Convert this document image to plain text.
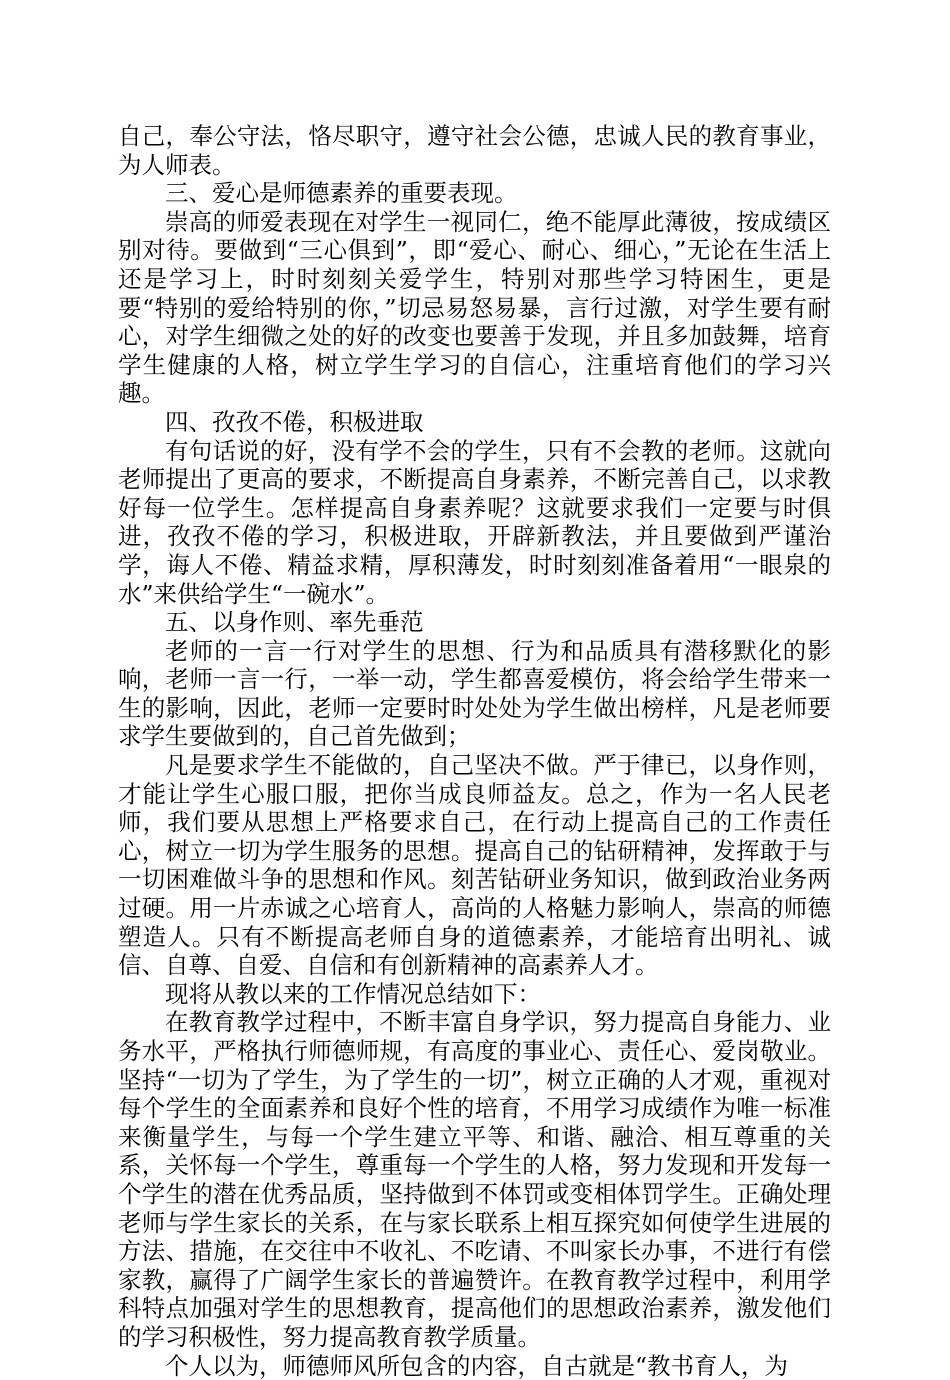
自己，奉公守法，恪尽职守，遵守社会公德，忠诚人民的教育事业，为人师表。

三、爱心是师德素养的重要表现。

崇高的师爱表现在对学生一视同仁，绝不能厚此薄彼，按成绩区别对待。要做到“三心俱到”，即“爱心、耐心、细心，”无论在生活上还是学习上，时时刻刻关爱学生，特别对那些学习特困生，更是要“特别的爱给特别的你，”切忌易怒易暴，言行过激，对学生要有耐心，对学生细微之处的好的改变也要善于发现，并且多加鼓舞，培育学生健康的人格，树立学生学习的自信心，注重培育他们的学习兴趣。

四、孜孜不倦，积极进取

有句话说的好，没有学不会的学生，只有不会教的老师。这就向老师提出了更高的要求，不断提高自身素养，不断完善自己，以求教好每一位学生。怎样提高自身素养呢？这就要求我们一定要与时俱进，孜孜不倦的学习，积极进取，开辟新教法，并且要做到严谨治学，诲人不倦、精益求精，厚积薄发，时时刻刻准备着用“一眼泉的水”来供给学生“一碗水”。

五、以身作则、率先垂范

老师的一言一行对学生的思想、行为和品质具有潜移默化的影响，老师一言一行，一举一动，学生都喜爱模仿，将会给学生带来一生的影响，因此，老师一定要时时处处为学生做出榜样，凡是老师要求学生要做到的，自己首先做到；

凡是要求学生不能做的，自己坚决不做。严于律已，以身作则，才能让学生心服口服，把你当成良师益友。总之，作为一名人民老师，我们要从思想上严格要求自己，在行动上提高自己的工作责任心，树立一切为学生服务的思想。提高自己的钻研精神，发挥敢于与一切困难做斗争的思想和作风。刻苦钻研业务知识，做到政治业务两过硬。用一片赤诚之心培育人，高尚的人格魅力影响人，崇高的师德塑造人。只有不断提高老师自身的道德素养，才能培育出明礼、诚信、自尊、自爱、自信和有创新精神的高素养人才。

现将从教以来的工作情况总结如下：

在教育教学过程中，不断丰富自身学识，努力提高自身能力、业务水平，严格执行师德师规，有高度的事业心、责任心、爱岗敬业。坚持“一切为了学生，为了学生的一切”，树立正确的人才观，重视对每个学生的全面素养和良好个性的培育，不用学习成绩作为唯一标准来衡量学生，与每一个学生建立平等、和谐、融洽、相互尊重的关系，关怀每一个学生，尊重每一个学生的人格，努力发现和开发每一个学生的潜在优秀品质，坚持做到不体罚或变相体罚学生。正确处理老师与学生家长的关系，在与家长联系上相互探究如何使学生进展的方法、措施，在交往中不收礼、不吃请、不叫家长办事，不进行有偿家教，赢得了广阔学生家长的普遍赞许。在教育教学过程中，利用学科特点加强对学生的思想教育，提高他们的思想政治素养，激发他们的学习积极性，努力提高教育教学质量。

个人以为，师德师风所包含的内容，自古就是“教书育人，为
